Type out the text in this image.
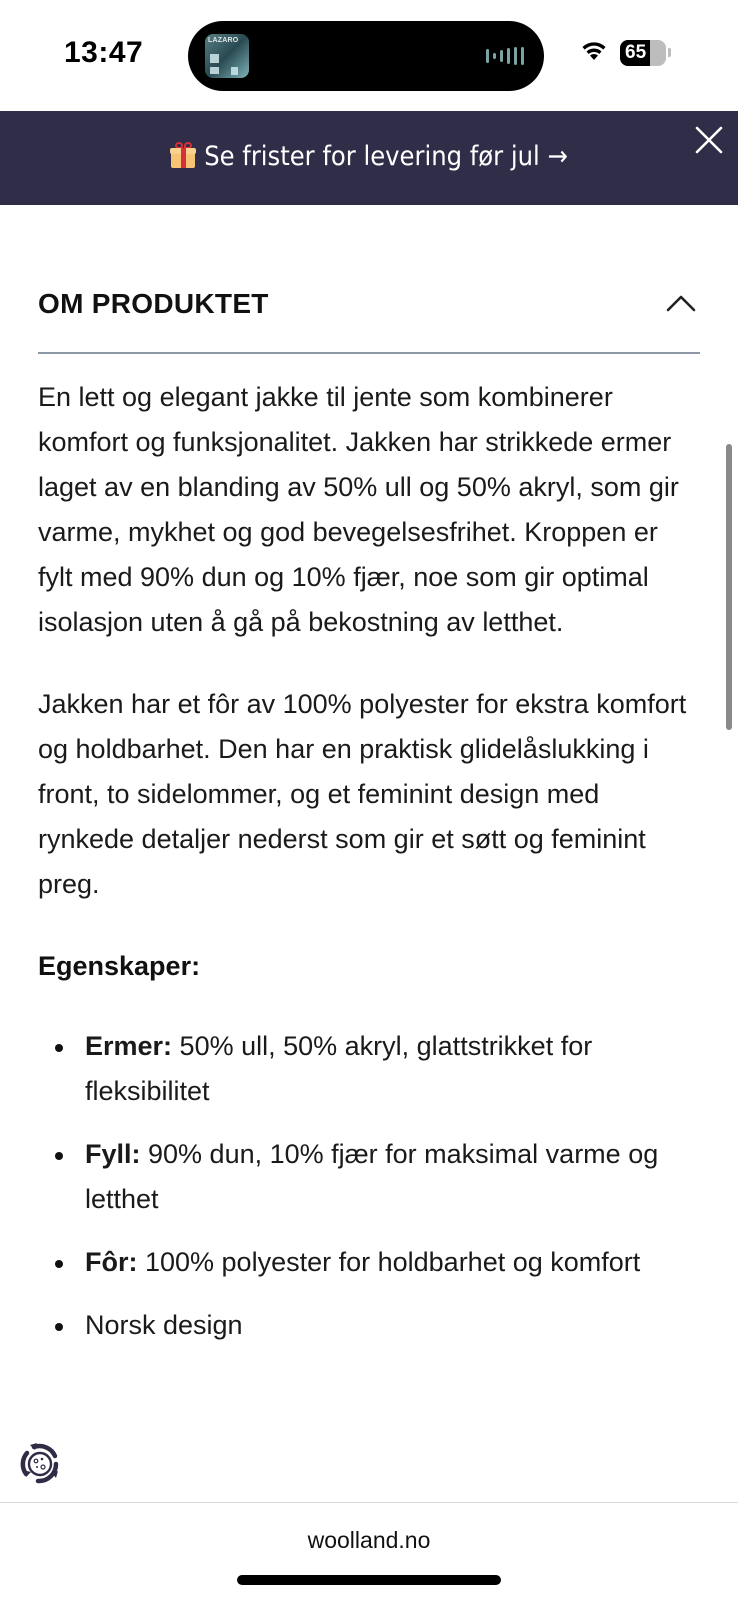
13:47	LAZARO
65
Se frister for levering før jul →
OM PRODUKTET

En lett og elegant jakke til jente som kombinerer komfort og funksjonalitet. Jakken har strikkede ermer laget av en blanding av 50% ull og 50% akryl, som gir varme, mykhet og god bevegelsesfrihet. Kroppen er fylt med 90% dun og 10% fjær, noe som gir optimal isolasjon uten å gå på bekostning av letthet.

Jakken har et fôr av 100% polyester for ekstra komfort og holdbarhet. Den har en praktisk glidelåslukking i front, to sidelommer, og et feminint design med rynkede detaljer nederst som gir et søtt og feminint preg.

Egenskaper:
Ermer: 50% ull, 50% akryl, glattstrikket for fleksibilitet
Fyll: 90% dun, 10% fjær for maksimal varme og letthet
Fôr: 100% polyester for holdbarhet og komfort
Norsk design
woolland.no
